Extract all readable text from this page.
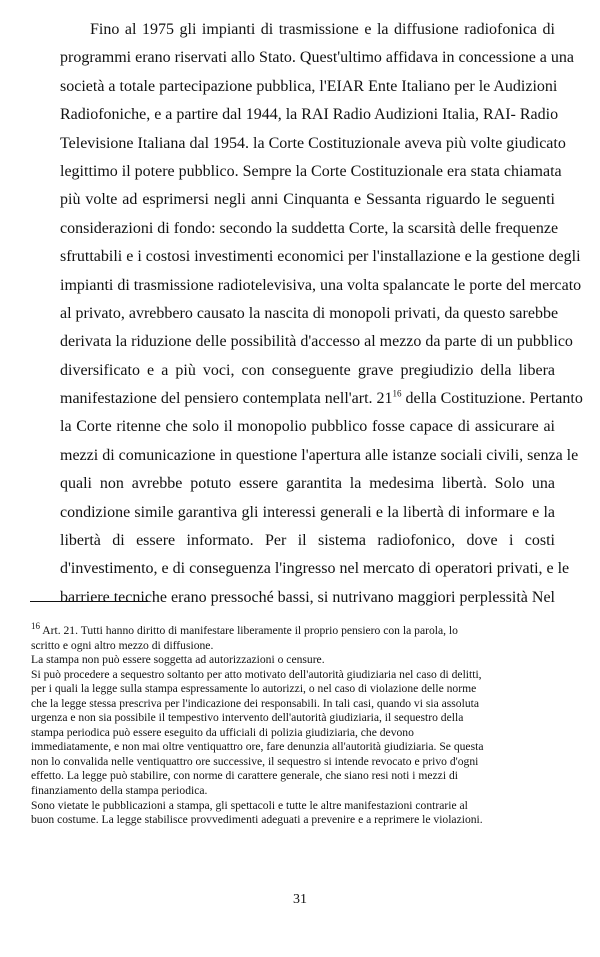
Fino al 1975 gli impianti di trasmissione e la diffusione radiofonica di
programmi erano riservati allo Stato. Quest'ultimo affidava in concessione a una
società a totale partecipazione pubblica, l'EIAR Ente Italiano per le Audizioni
Radiofoniche, e a partire dal 1944, la RAI Radio Audizioni Italia, RAI- Radio
Televisione Italiana dal 1954. la Corte Costituzionale aveva più volte giudicato
legittimo il potere pubblico. Sempre la Corte Costituzionale era stata chiamata
più volte ad esprimersi negli anni Cinquanta e Sessanta riguardo le seguenti
considerazioni di fondo: secondo la suddetta Corte, la scarsità delle frequenze
sfruttabili e i costosi investimenti economici per l'installazione e la gestione degli
impianti di trasmissione radiotelevisiva, una volta spalancate le porte del mercato
al privato, avrebbero causato la nascita di monopoli privati, da questo sarebbe
derivata la riduzione delle possibilità d'accesso al mezzo da parte di un pubblico
diversificato e a più voci, con conseguente grave pregiudizio della libera
manifestazione del pensiero contemplata nell'art. $21^{16}$ della Costituzione. Pertanto
la Corte ritenne che solo il monopolio pubblico fosse capace di assicurare ai
mezzi di comunicazione in questione l'apertura alle istanze sociali civili, senza le
quali non avrebbe potuto essere garantita la medesima libertà. Solo una
condizione simile garantiva gli interessi generali e la libertà di informare e la
libertà di essere informato. Per il sistema radiofonico, dove i costi
d'investimento, e di conseguenza l'ingresso nel mercato di operatori privati, e le
barriere tecniche erano pressoché bassi, si nutrivano maggiori perplessità Nel
$^{16}$ Art. 21. Tutti hanno diritto di manifestare liberamente il proprio pensiero con la parola, lo
scritto e ogni altro mezzo di diffusione.
La stampa non può essere soggetta ad autorizzazioni o censure.
Si può procedere a sequestro soltanto per atto motivato dell'autorità giudiziaria nel caso di delitti,
per i quali la legge sulla stampa espressamente lo autorizzi, o nel caso di violazione delle norme
che la legge stessa prescriva per l'indicazione dei responsabili. In tali casi, quando vi sia assoluta
urgenza e non sia possibile il tempestivo intervento dell'autorità giudiziaria, il sequestro della
stampa periodica può essere eseguito da ufficiali di polizia giudiziaria, che devono
immediatamente, e non mai oltre ventiquattro ore, fare denunzia all'autorità giudiziaria. Se questa
non lo convalida nelle ventiquattro ore successive, il sequestro si intende revocato e privo d'ogni
effetto. La legge può stabilire, con norme di carattere generale, che siano resi noti i mezzi di
finanziamento della stampa periodica.
Sono vietate le pubblicazioni a stampa, gli spettacoli e tutte le altre manifestazioni contrarie al
buon costume. La legge stabilisce provvedimenti adeguati a prevenire e a reprimere le violazioni.
31
